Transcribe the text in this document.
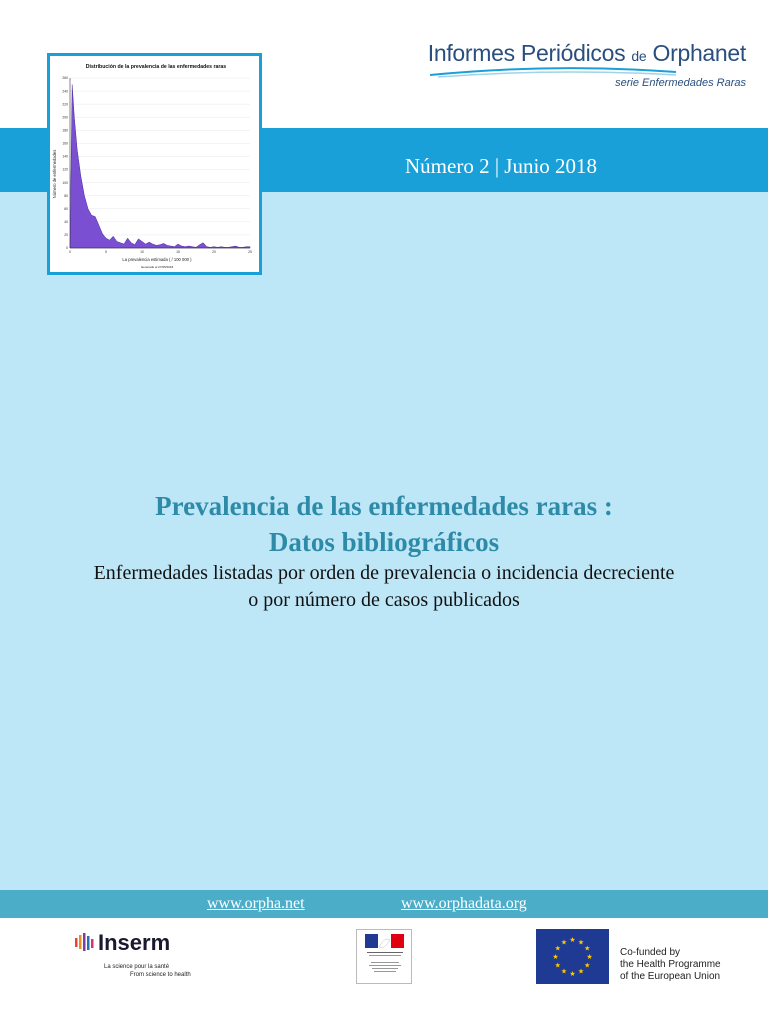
Informes Periódicos de Orphanet
serie Enfermedades Raras
Número 2 | Junio 2018
Distribución de la prevalencia de las enfermedades raras
Número de enfermedades
La prevalencia estimada ( / 100 000 )
Generado el 27/05/2018
0
20
40
60
80
100
120
140
160
180
200
220
240
260
0	5	10	15	20	25
Prevalencia de las enfermedades raras :
Datos bibliográficos
Enfermedades listadas por orden de prevalencia o incidencia decreciente
o por número de casos publicados
www.orpha.net	www.orphadata.org
Inserm
La science pour la santé
From science to health
★ ★
★
★
★
★
★
★
★
★
★
★
Co-funded by
the Health Programme
of the European Union
